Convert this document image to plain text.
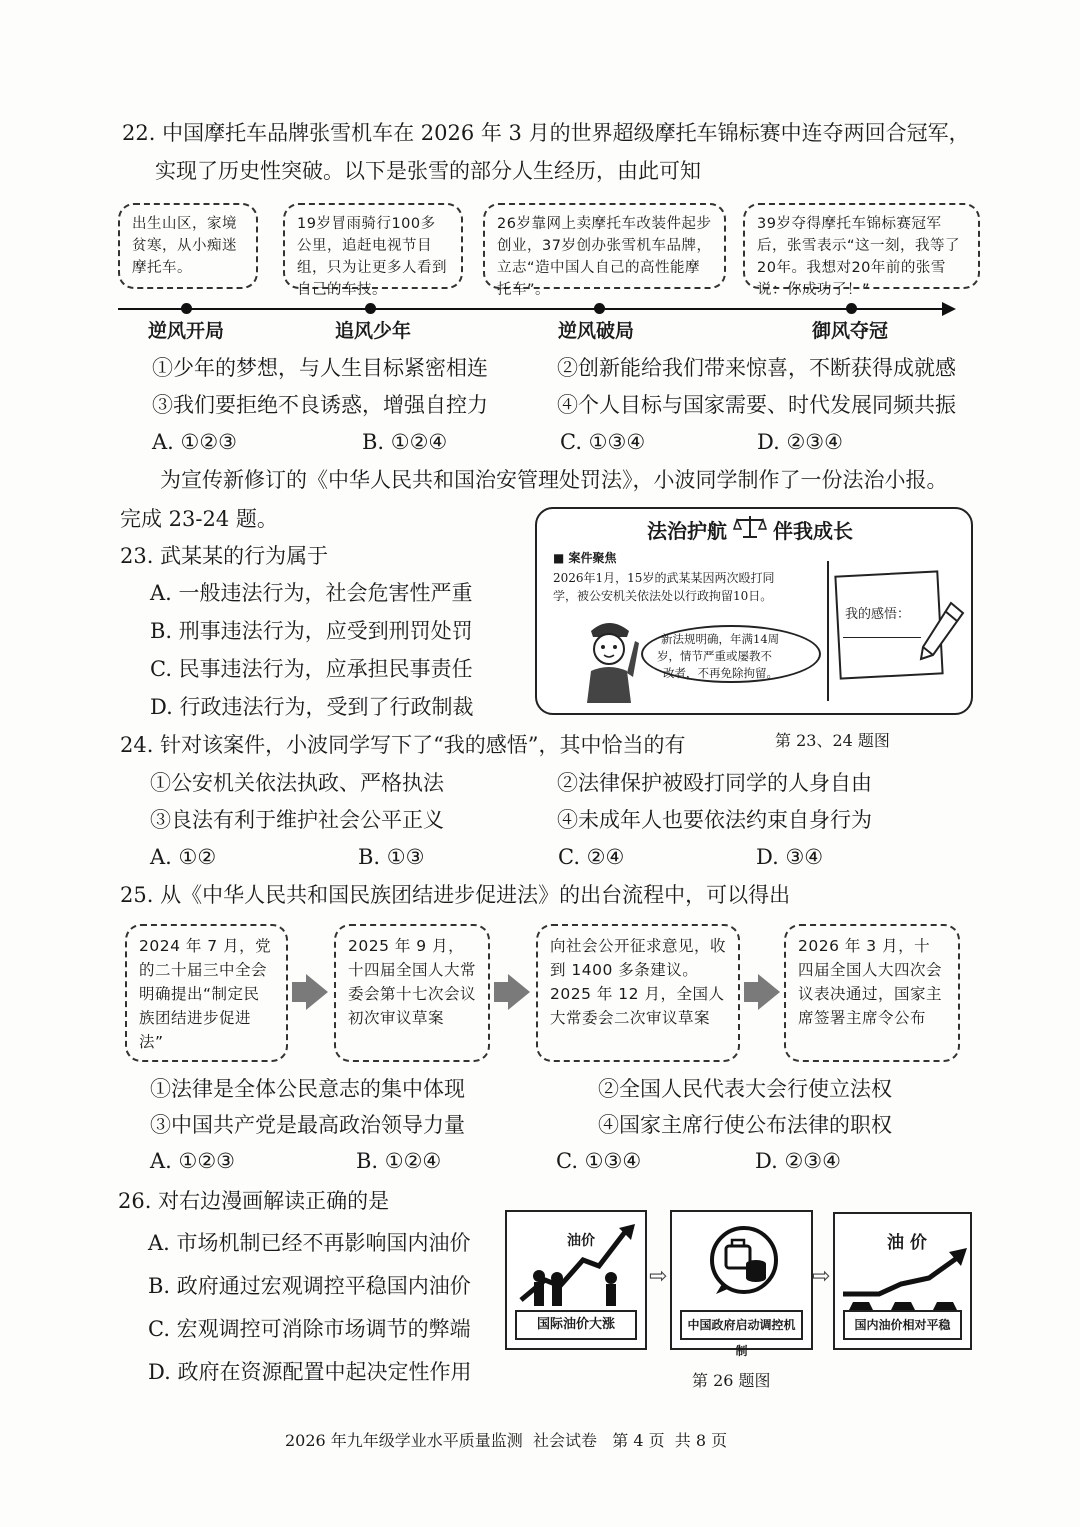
22. 中国摩托车品牌张雪机车在 2026 年 3 月的世界超级摩托车锦标赛中连夺两回合冠军，
实现了历史性突破。以下是张雪的部分人生经历，由此可知
出生山区，家境贫寒，从小痴迷摩托车。
19岁冒雨骑行100多公里，追赶电视节目组，只为让更多人看到自己的车技。
26岁靠网上卖摩托车改装件起步创业，37岁创办张雪机车品牌，立志“造中国人自己的高性能摩托车”。
39岁夺得摩托车锦标赛冠军后，张雪表示“这一刻，我等了20年。我想对20年前的张雪说：你成功了！”
逆风开局	追风少年	逆风破局	御风夺冠
①少年的梦想，与人生目标紧密相连	②创新能给我们带来惊喜，不断获得成就感
③我们要拒绝不良诱惑，增强自控力	④个人目标与国家需要、时代发展同频共振
A. ①②③	B. ①②④	C. ①③④	D. ②③④
为宣传新修订的《中华人民共和国治安管理处罚法》，小波同学制作了一份法治小报。
完成 23-24 题。	法治护航 伴我成长
■ 案件聚焦
2026年1月，15岁的武某某因两次殴打同
学，被公安机关依法处以行政拘留10日。
新法规明确，年满14周
岁，情节严重或屡教不
改者，不再免除拘留。
我的感悟：
第 23、24 题图
23. 武某某的行为属于
A. 一般违法行为，社会危害性严重
B. 刑事违法行为，应受到刑罚处罚
C. 民事违法行为，应承担民事责任
D. 行政违法行为，受到了行政制裁
24. 针对该案件，小波同学写下了“我的感悟”，其中恰当的有
①公安机关依法执政、严格执法	②法律保护被殴打同学的人身自由
③良法有利于维护社会公平正义	④未成年人也要依法约束自身行为
A. ①②	B. ①③	C. ②④	D. ③④
25. 从《中华人民共和国民族团结进步促进法》的出台流程中，可以得出
2024 年 7 月，党的二十届三中全会明确提出“制定民族团结进步促进法”
2025 年 9 月，十四届全国人大常委会第十七次会议初次审议草案
向社会公开征求意见，收到 1400 多条建议。2025 年 12 月，全国人大常委会二次审议草案
2026 年 3 月，十四届全国人大四次会议表决通过，国家主席签署主席令公布
①法律是全体公民意志的集中体现	②全国人民代表大会行使立法权
③中国共产党是最高政治领导力量	④国家主席行使公布法律的职权
A. ①②③	B. ①②④	C. ①③④	D. ②③④
26. 对右边漫画解读正确的是
A. 市场机制已经不再影响国内油价
B. 政府通过宏观调控平稳国内油价
C. 宏观调控可消除市场调节的弊端
D. 政府在资源配置中起决定性作用
油价
国际油价大涨
⇨
中国政府启动调控机制
⇨
油 价
国内油价相对平稳
第 26 题图
2026 年九年级学业水平质量监测  社会试卷   第 4 页  共 8 页
